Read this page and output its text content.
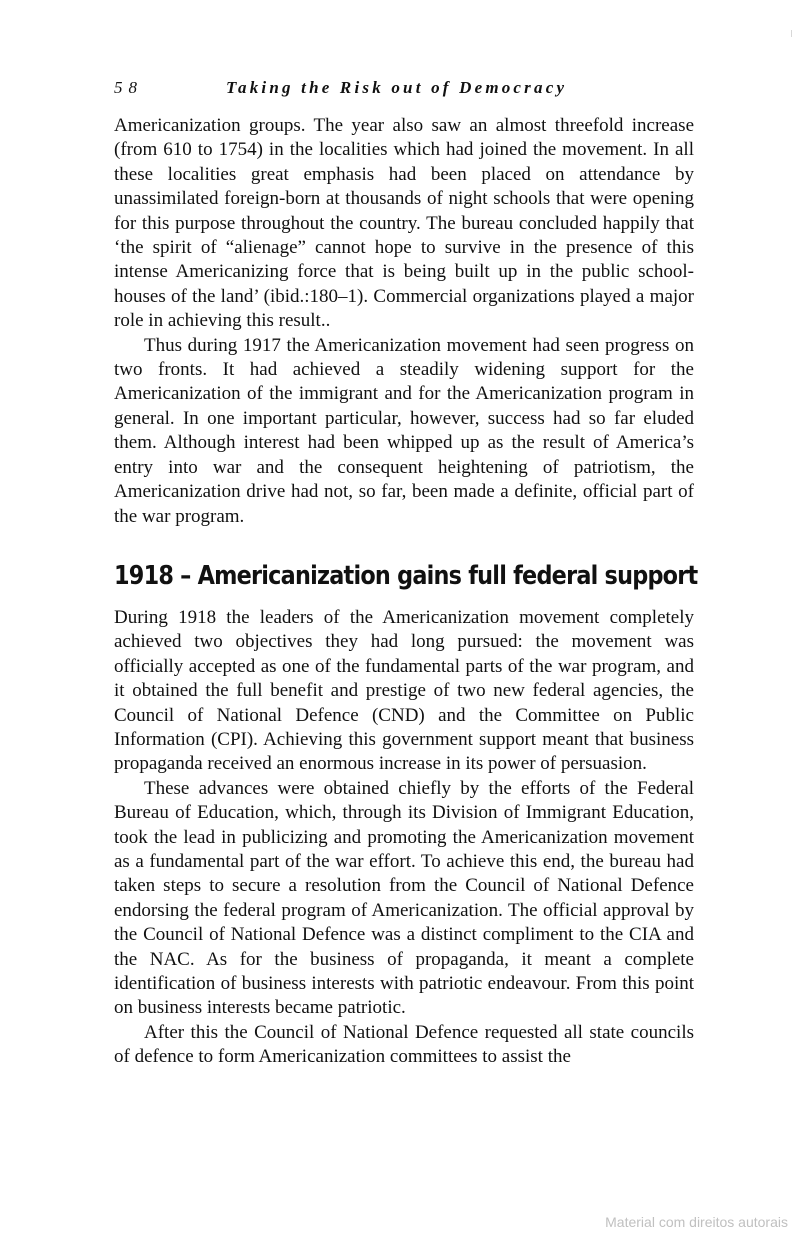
58	Taking the Risk out of Democracy

Americanization groups. The year also saw an almost threefold increase (from 610 to 1754) in the localities which had joined the movement. In all these localities great emphasis had been placed on attendance by unassimilated foreign-born at thousands of night schools that were opening for this purpose throughout the country. The bureau concluded happily that ‘the spirit of “alienage” cannot hope to survive in the presence of this intense Americanizing force that is being built up in the public school-houses of the land’ (ibid.:180–1). Commercial organizations played a major role in achieving this result..

Thus during 1917 the Americanization movement had seen progress on two fronts. It had achieved a steadily widening support for the Americanization of the immigrant and for the Americanization program in general. In one important particular, however, success had so far eluded them. Although interest had been whipped up as the result of America’s entry into war and the consequent heightening of patriotism, the Americanization drive had not, so far, been made a definite, official part of the war program.

1918 – Americanization gains full federal support

During 1918 the leaders of the Americanization movement completely achieved two objectives they had long pursued: the movement was officially accepted as one of the fundamental parts of the war program, and it obtained the full benefit and prestige of two new federal agencies, the Council of National Defence (CND) and the Committee on Public Information (CPI). Achieving this government support meant that business propaganda received an enormous increase in its power of persuasion.

These advances were obtained chiefly by the efforts of the Federal Bureau of Education, which, through its Division of Immigrant Education, took the lead in publicizing and promoting the Americanization movement as a fundamental part of the war effort. To achieve this end, the bureau had taken steps to secure a resolution from the Council of National Defence endorsing the federal program of Americanization. The official approval by the Council of National Defence was a distinct compliment to the CIA and the NAC. As for the business of propaganda, it meant a complete identification of business interests with patriotic endeavour. From this point on business interests became patriotic.

After this the Council of National Defence requested all state councils of defence to form Americanization committees to assist the

Material com direitos autorais
